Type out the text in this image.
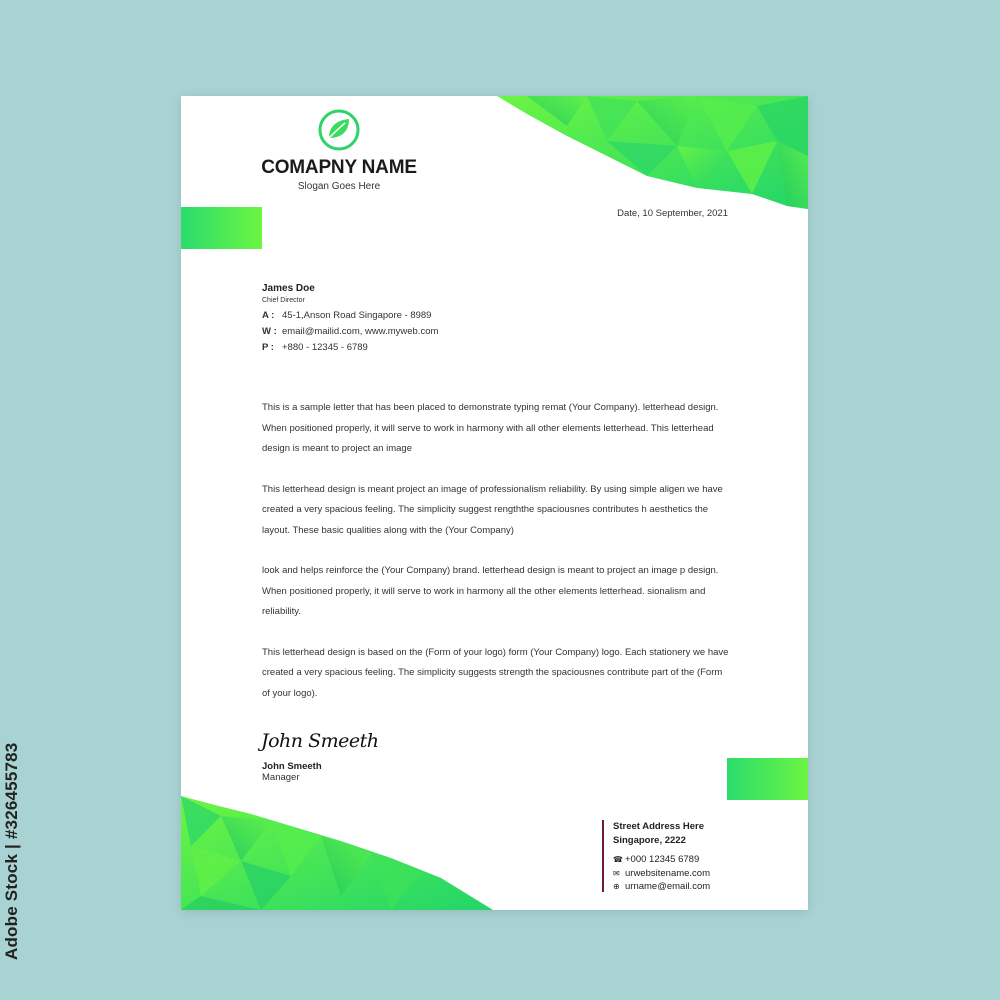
Adobe Stock | #326455783
COMAPNY NAME
Slogan Goes Here
Date, 10 September, 2021
James Doe
Chief Director
A : 45-1,Anson Road Singapore - 8989
W : email@mailid.com, www.myweb.com
P : +880 - 12345 - 6789

This is a sample letter that has been placed to demonstrate typing remat (Your Company). letterhead design. When positioned properly, it will serve to work in harmony with all other elements letterhead. This letterhead design is meant to project an image

This letterhead design is meant project an image of professionalism reliability. By using simple aligen we have created a very spacious feeling. The simplicity suggest rengththe spaciousnes contributes h aesthetics the layout. These basic qualities along with the (Your Company)

look and helps reinforce the (Your Company) brand. letterhead design is meant to project an image p design. When positioned properly, it will serve to work in harmony all the other elements letterhead. sionalism and reliability.

This letterhead design is based on the (Form of your logo) form (Your Company) logo. Each stationery we have created a very spacious feeling. The simplicity suggests strength the spaciousnes contribute part of the (Form of your logo).

John Smeeth
John Smeeth
Manager
Street Address Here
Singapore, 2222
☎ +000 12345 6789
✉ urwebsitename.com
⊕ urname@email.com
